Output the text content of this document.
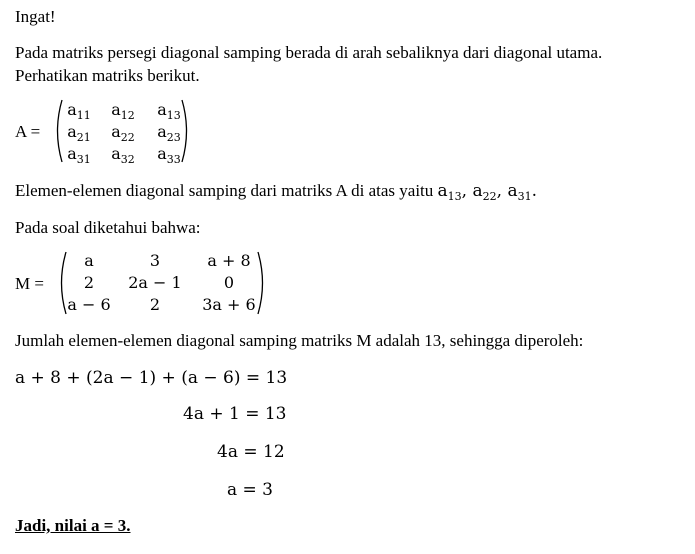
Ingat!
Pada matriks persegi diagonal samping berada di arah sebaliknya dari diagonal utama.
Perhatikan matriks berikut.
A =
$a_{11}$	$a_{12}$	$a_{13}$
$a_{21}$	$a_{22}$	$a_{23}$
$a_{31}$	$a_{32}$	$a_{33}$
Elemen-elemen diagonal samping dari matriks A di atas yaitu $a_{13}$, $a_{22}$, $a_{31}$.
Pada soal diketahui bahwa:
M =
a	3	a + 8
2	2a − 1	0
a − 6	2	3a + 6
Jumlah elemen-elemen diagonal samping matriks M adalah 13, sehingga diperoleh:
a + 8 + (2a − 1) + (a − 6) = 13
4a + 1 = 13
4a = 12
a = 3
Jadi, nilai a = 3.
